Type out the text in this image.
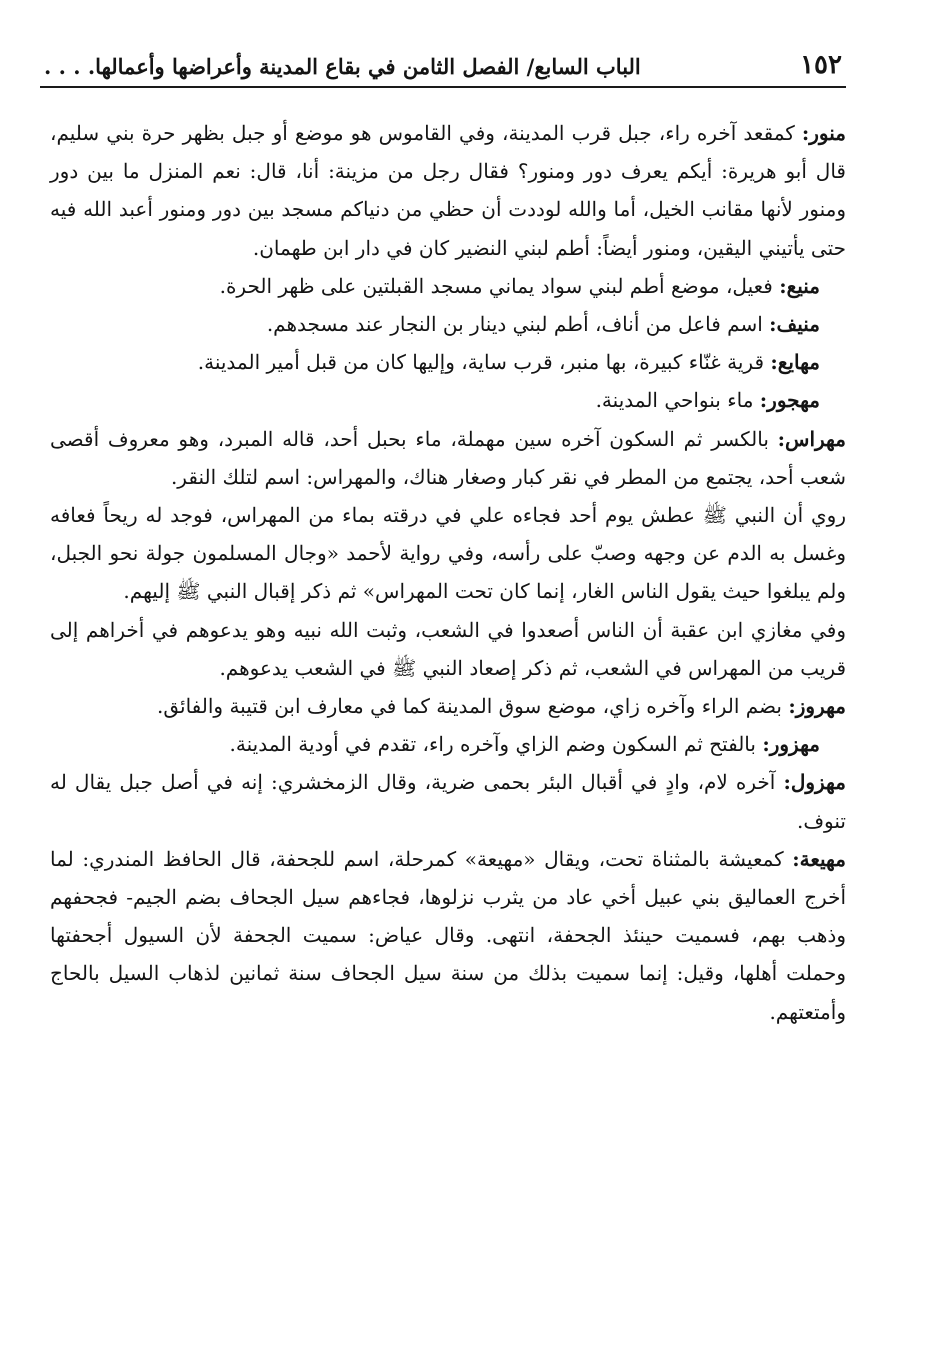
١٥٢
الباب السابع/ الفصل الثامن في بقاع المدينة وأعراضها وأعمالها. . . .

منور: كمقعد آخره راء، جبل قرب المدينة، وفي القاموس هو موضع أو جبل بظهر حرة بني سليم، قال أبو هريرة: أيكم يعرف دور ومنور؟ فقال رجل من مزينة: أنا، قال: نعم المنزل ما بين دور ومنور لأنها مقانب الخيل، أما والله لوددت أن حظي من دنياكم مسجد بين دور ومنور أعبد الله فيه حتى يأتيني اليقين، ومنور أيضاً: أطم لبني النضير كان في دار ابن طهمان.

منيع: فعيل، موضع أطم لبني سواد يماني مسجد القبلتين على ظهر الحرة.

منيف: اسم فاعل من أناف، أطم لبني دينار بن النجار عند مسجدهم.

مهايع: قرية غنّاء كبيرة، بها منبر، قرب ساية، وإليها كان من قبل أمير المدينة.

مهجور: ماء بنواحي المدينة.

مهراس: بالكسر ثم السكون آخره سين مهملة، ماء بحبل أحد، قاله المبرد، وهو معروف أقصى شعب أحد، يجتمع من المطر في نقر كبار وصغار هناك، والمهراس: اسم لتلك النقر.

روي أن النبي ﷺ عطش يوم أحد فجاءه علي في درقته بماء من المهراس، فوجد له ريحاً فعافه وغسل به الدم عن وجهه وصبّ على رأسه، وفي رواية لأحمد «وجال المسلمون جولة نحو الجبل، ولم يبلغوا حيث يقول الناس الغار، إنما كان تحت المهراس» ثم ذكر إقبال النبي ﷺ إليهم.

وفي مغازي ابن عقبة أن الناس أصعدوا في الشعب، وثبت الله نبيه وهو يدعوهم في أخراهم إلى قريب من المهراس في الشعب، ثم ذكر إصعاد النبي ﷺ في الشعب يدعوهم.

مهروز: بضم الراء وآخره زاي، موضع سوق المدينة كما في معارف ابن قتيبة والفائق.

مهزور: بالفتح ثم السكون وضم الزاي وآخره راء، تقدم في أودية المدينة.

مهزول: آخره لام، وادٍ في أقبال البئر بحمى ضرية، وقال الزمخشري: إنه في أصل جبل يقال له تنوف.

مهيعة: كمعيشة بالمثناة تحت، ويقال «مهيعة» كمرحلة، اسم للجحفة، قال الحافظ المندري: لما أخرج العماليق بني عبيل أخي عاد من يثرب نزلوها، فجاءهم سيل الجحاف بضم الجيم- فجحفهم وذهب بهم، فسميت حينئذ الجحفة، انتهى. وقال عياض: سميت الجحفة لأن السيول أجحفتها وحملت أهلها، وقيل: إنما سميت بذلك من سنة سيل الجحاف سنة ثمانين لذهاب السيل بالحاج وأمتعتهم.
